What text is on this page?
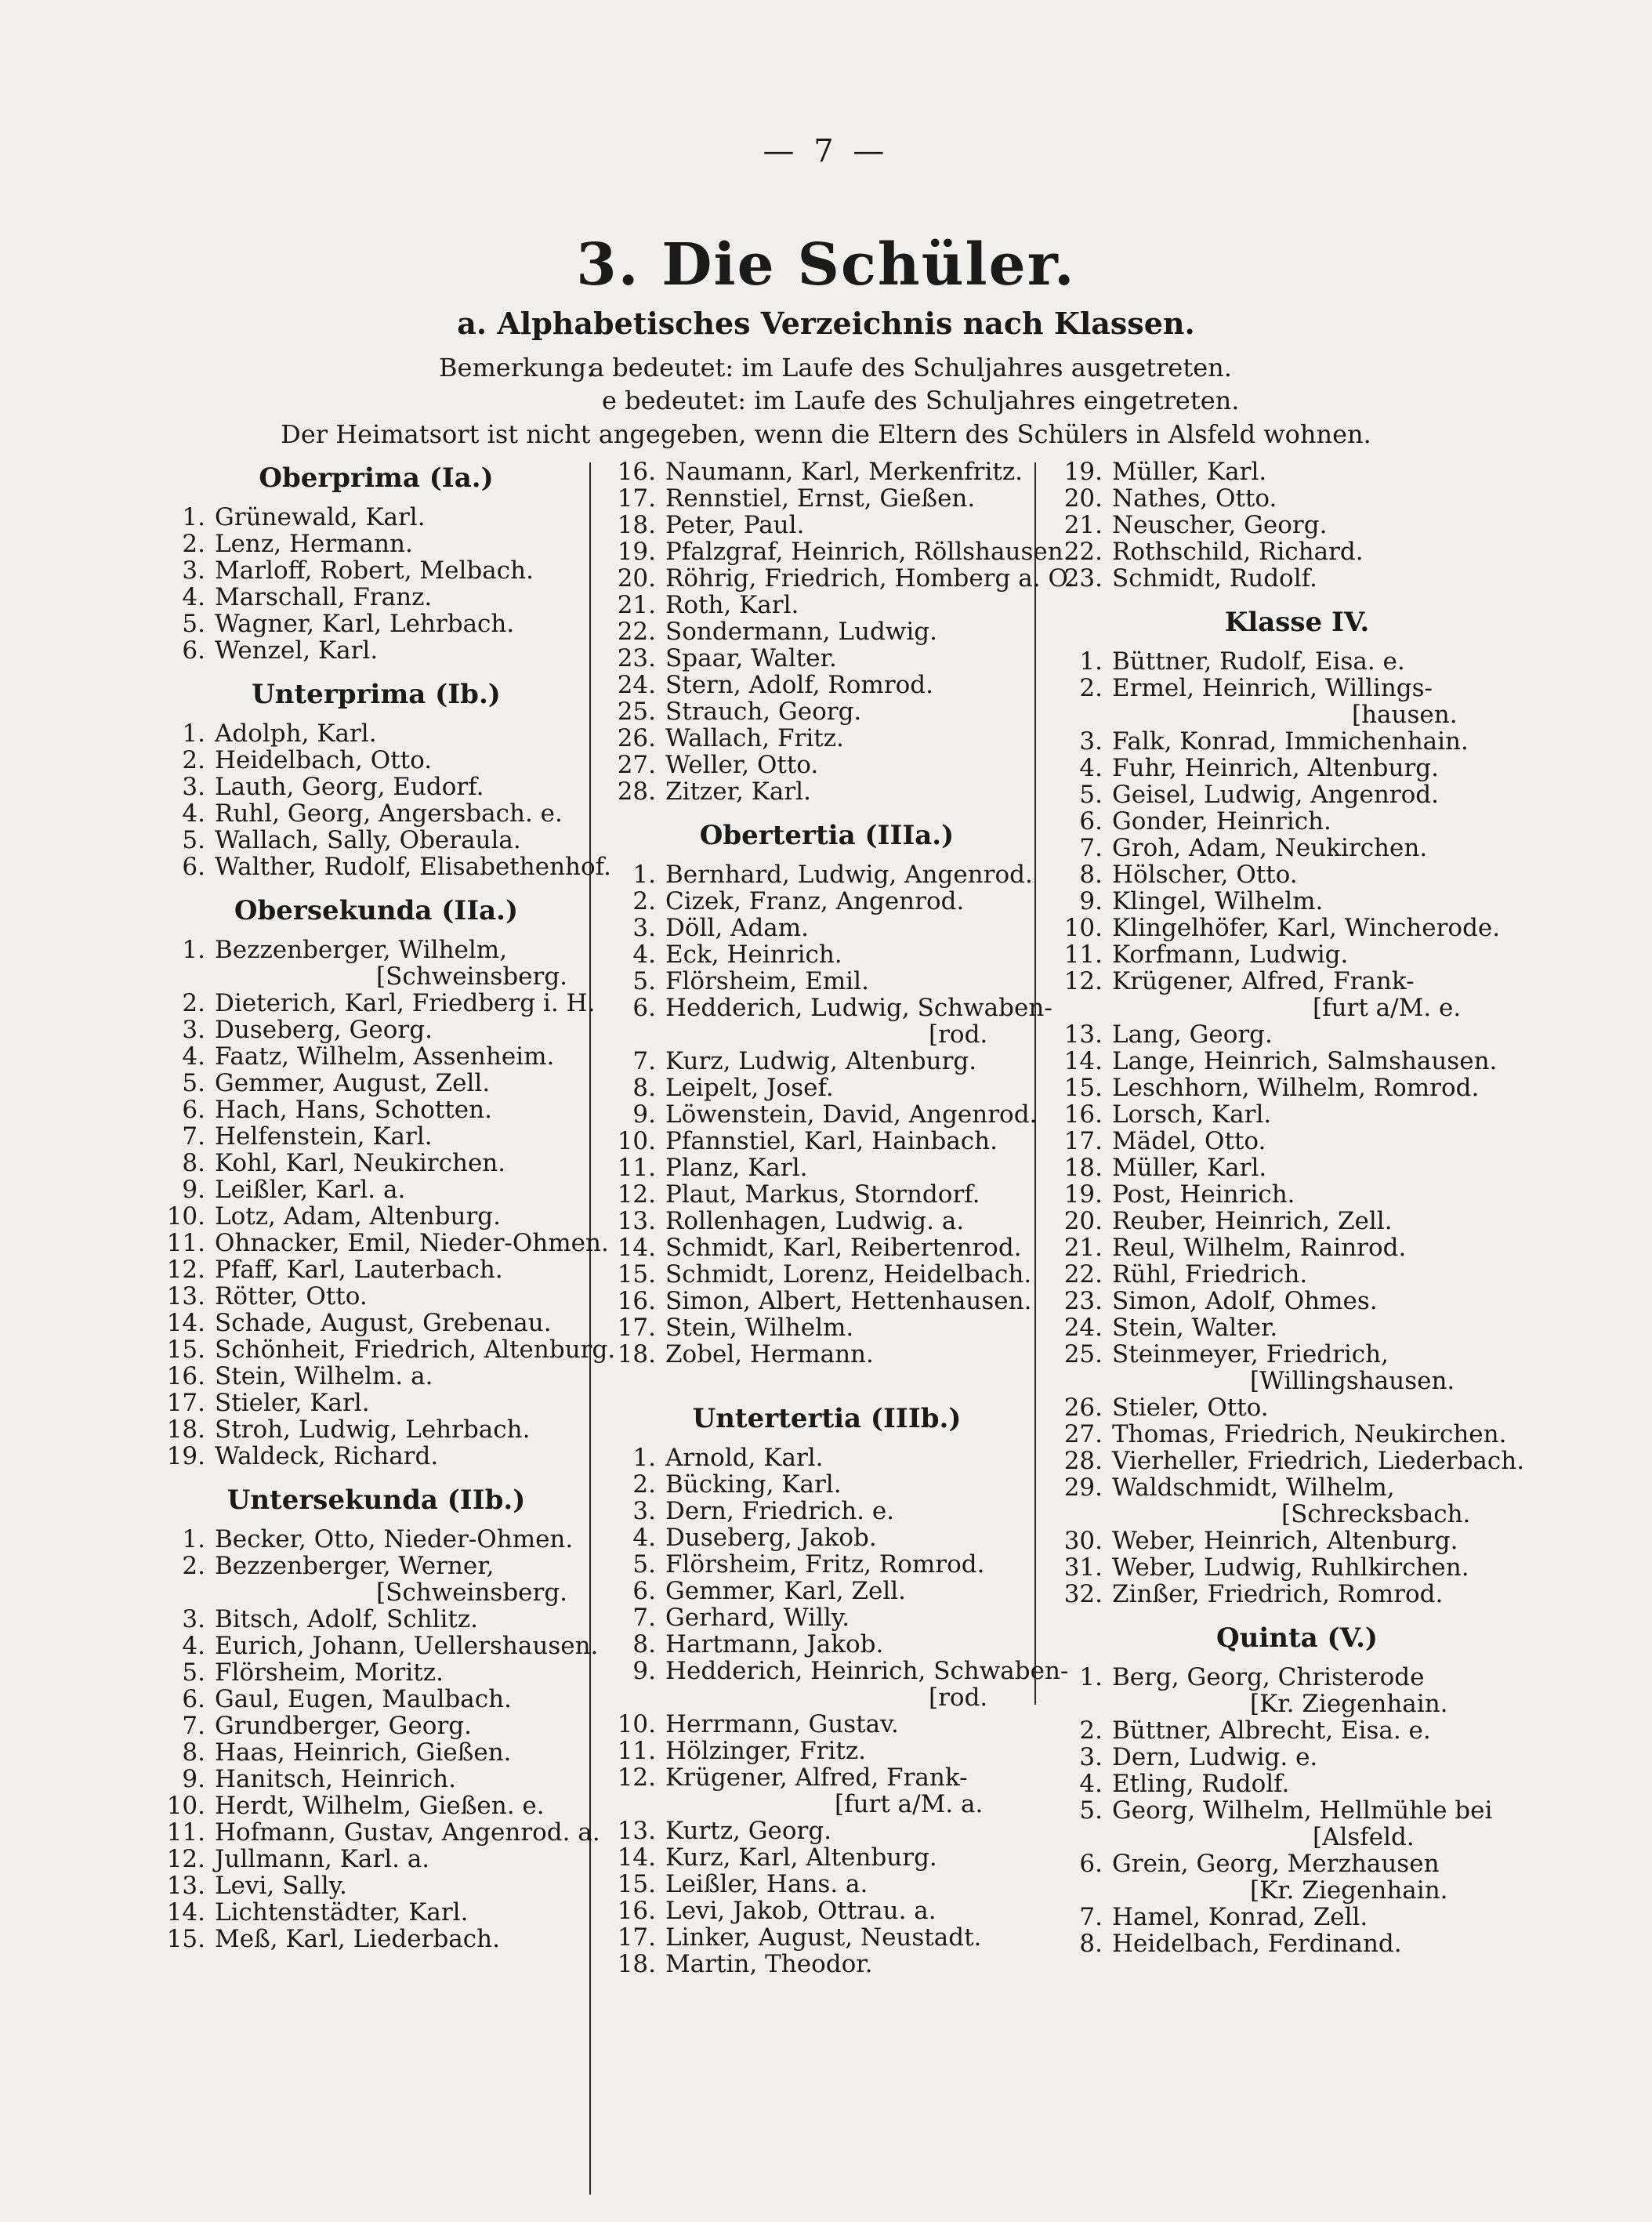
— 7 —
3. Die Schüler.
a. Alphabetisches Verzeichnis nach Klassen.
Bemerkung:a bedeutet: im Laufe des Schuljahres ausgetreten.
e bedeutet: im Laufe des Schuljahres eingetreten.
Der Heimatsort ist nicht angegeben, wenn die Eltern des Schülers in Alsfeld wohnen.
Oberprima (Ia.)
1. Grünewald, Karl.
2. Lenz, Hermann.
3. Marloff, Robert, Melbach.
4. Marschall, Franz.
5. Wagner, Karl, Lehrbach.
6. Wenzel, Karl.
Unterprima (Ib.)
1. Adolph, Karl.
2. Heidelbach, Otto.
3. Lauth, Georg, Eudorf.
4. Ruhl, Georg, Angersbach. e.
5. Wallach, Sally, Oberaula.
6. Walther, Rudolf, Elisabethenhof.
Obersekunda (IIa.)
1. Bezzenberger, Wilhelm,
[Schweinsberg.
2. Dieterich, Karl, Friedberg i. H.
3. Duseberg, Georg.
4. Faatz, Wilhelm, Assenheim.
5. Gemmer, August, Zell.
6. Hach, Hans, Schotten.
7. Helfenstein, Karl.
8. Kohl, Karl, Neukirchen.
9. Leißler, Karl. a.
10. Lotz, Adam, Altenburg.
11. Ohnacker, Emil, Nieder-Ohmen.
12. Pfaff, Karl, Lauterbach.
13. Rötter, Otto.
14. Schade, August, Grebenau.
15. Schönheit, Friedrich, Altenburg.
16. Stein, Wilhelm. a.
17. Stieler, Karl.
18. Stroh, Ludwig, Lehrbach.
19. Waldeck, Richard.
Untersekunda (IIb.)
1. Becker, Otto, Nieder-Ohmen.
2. Bezzenberger, Werner,
[Schweinsberg.
3. Bitsch, Adolf, Schlitz.
4. Eurich, Johann, Uellershausen.
5. Flörsheim, Moritz.
6. Gaul, Eugen, Maulbach.
7. Grundberger, Georg.
8. Haas, Heinrich, Gießen.
9. Hanitsch, Heinrich.
10. Herdt, Wilhelm, Gießen. e.
11. Hofmann, Gustav, Angenrod. a.
12. Jullmann, Karl. a.
13. Levi, Sally.
14. Lichtenstädter, Karl.
15. Meß, Karl, Liederbach.
16. Naumann, Karl, Merkenfritz.
17. Rennstiel, Ernst, Gießen.
18. Peter, Paul.
19. Pfalzgraf, Heinrich, Röllshausen.
20. Röhrig, Friedrich, Homberg a. O.
21. Roth, Karl.
22. Sondermann, Ludwig.
23. Spaar, Walter.
24. Stern, Adolf, Romrod.
25. Strauch, Georg.
26. Wallach, Fritz.
27. Weller, Otto.
28. Zitzer, Karl.
Obertertia (IIIa.)
1. Bernhard, Ludwig, Angenrod.
2. Cizek, Franz, Angenrod.
3. Döll, Adam.
4. Eck, Heinrich.
5. Flörsheim, Emil.
6. Hedderich, Ludwig, Schwaben-
[rod.
7. Kurz, Ludwig, Altenburg.
8. Leipelt, Josef.
9. Löwenstein, David, Angenrod.
10. Pfannstiel, Karl, Hainbach.
11. Planz, Karl.
12. Plaut, Markus, Storndorf.
13. Rollenhagen, Ludwig. a.
14. Schmidt, Karl, Reibertenrod.
15. Schmidt, Lorenz, Heidelbach.
16. Simon, Albert, Hettenhausen.
17. Stein, Wilhelm.
18. Zobel, Hermann.
Untertertia (IIIb.)
1. Arnold, Karl.
2. Bücking, Karl.
3. Dern, Friedrich. e.
4. Duseberg, Jakob.
5. Flörsheim, Fritz, Romrod.
6. Gemmer, Karl, Zell.
7. Gerhard, Willy.
8. Hartmann, Jakob.
9. Hedderich, Heinrich, Schwaben-
[rod.
10. Herrmann, Gustav.
11. Hölzinger, Fritz.
12. Krügener, Alfred, Frank-
[furt a/M. a.
13. Kurtz, Georg.
14. Kurz, Karl, Altenburg.
15. Leißler, Hans. a.
16. Levi, Jakob, Ottrau. a.
17. Linker, August, Neustadt.
18. Martin, Theodor.
19. Müller, Karl.
20. Nathes, Otto.
21. Neuscher, Georg.
22. Rothschild, Richard.
23. Schmidt, Rudolf.
Klasse IV.
1. Büttner, Rudolf, Eisa. e.
2. Ermel, Heinrich, Willings-
[hausen.
3. Falk, Konrad, Immichenhain.
4. Fuhr, Heinrich, Altenburg.
5. Geisel, Ludwig, Angenrod.
6. Gonder, Heinrich.
7. Groh, Adam, Neukirchen.
8. Hölscher, Otto.
9. Klingel, Wilhelm.
10. Klingelhöfer, Karl, Wincherode.
11. Korfmann, Ludwig.
12. Krügener, Alfred, Frank-
[furt a/M. e.
13. Lang, Georg.
14. Lange, Heinrich, Salmshausen.
15. Leschhorn, Wilhelm, Romrod.
16. Lorsch, Karl.
17. Mädel, Otto.
18. Müller, Karl.
19. Post, Heinrich.
20. Reuber, Heinrich, Zell.
21. Reul, Wilhelm, Rainrod.
22. Rühl, Friedrich.
23. Simon, Adolf, Ohmes.
24. Stein, Walter.
25. Steinmeyer, Friedrich,
[Willingshausen.
26. Stieler, Otto.
27. Thomas, Friedrich, Neukirchen.
28. Vierheller, Friedrich, Liederbach.
29. Waldschmidt, Wilhelm,
[Schrecksbach.
30. Weber, Heinrich, Altenburg.
31. Weber, Ludwig, Ruhlkirchen.
32. Zinßer, Friedrich, Romrod.
Quinta (V.)
1. Berg, Georg, Christerode
[Kr. Ziegenhain.
2. Büttner, Albrecht, Eisa. e.
3. Dern, Ludwig. e.
4. Etling, Rudolf.
5. Georg, Wilhelm, Hellmühle bei
[Alsfeld.
6. Grein, Georg, Merzhausen
[Kr. Ziegenhain.
7. Hamel, Konrad, Zell.
8. Heidelbach, Ferdinand.
